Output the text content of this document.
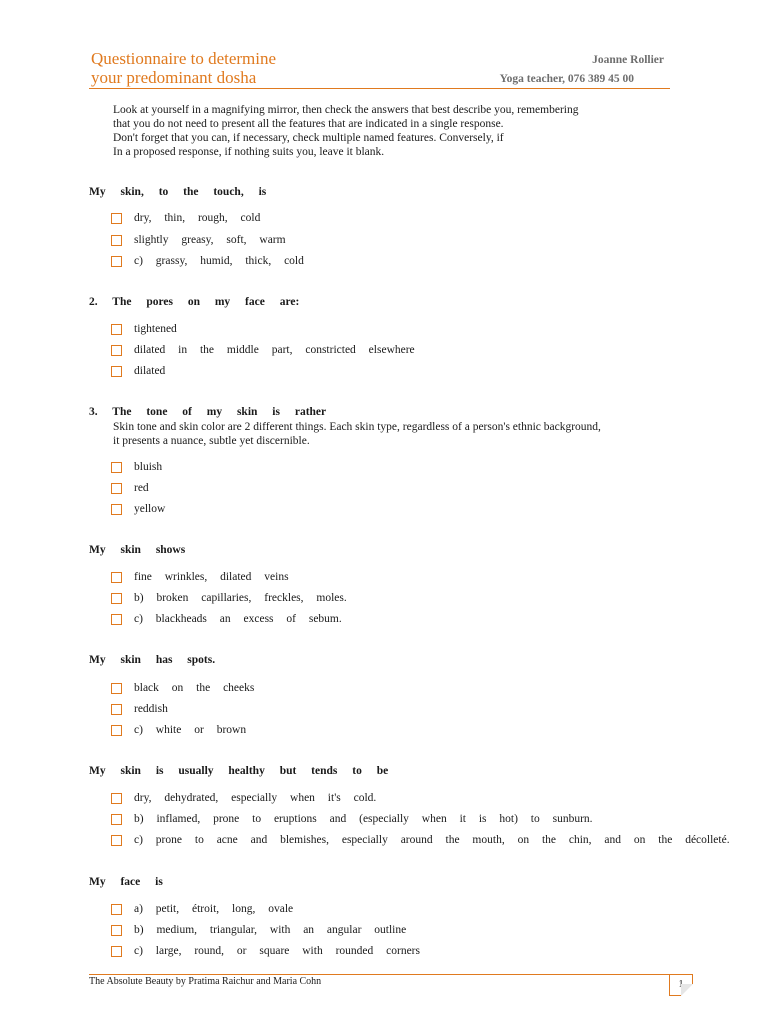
Questionnaire to determine
your predominant dosha
Joanne Rollier
Yoga teacher, 076 389 45 00
Look at yourself in a magnifying mirror, then check the answers that best describe you, remembering
that you do not need to present all the features that are indicated in a single response.
Don't forget that you can, if necessary, check multiple named features. Conversely, if
In a proposed response, if nothing suits you, leave it blank.
My skin, to the touch, is
dry, thin, rough, cold
slightly greasy, soft, warm
c) grassy, humid, thick, cold
2. The pores on my face are:
tightened
dilated in the middle part, constricted elsewhere
dilated
3. The tone of my skin is rather
Skin tone and skin color are 2 different things. Each skin type, regardless of a person's ethnic background,
it presents a nuance, subtle yet discernible.
bluish
red
yellow
My skin shows
fine wrinkles, dilated veins
b) broken capillaries, freckles, moles.
c) blackheads an excess of sebum.
My skin has spots.
black on the cheeks
reddish
c) white or brown
My skin is usually healthy but tends to be
dry, dehydrated, especially when it's cold.
b) inflamed, prone to eruptions and (especially when it is hot) to sunburn.
c) prone to acne and blemishes, especially around the mouth, on the chin, and on the décolleté.
My face is
a) petit, étroit, long, ovale
b) medium, triangular, with an angular outline
c) large, round, or square with rounded corners
The Absolute Beauty by Pratima Raichur and Maria Cohn	1
